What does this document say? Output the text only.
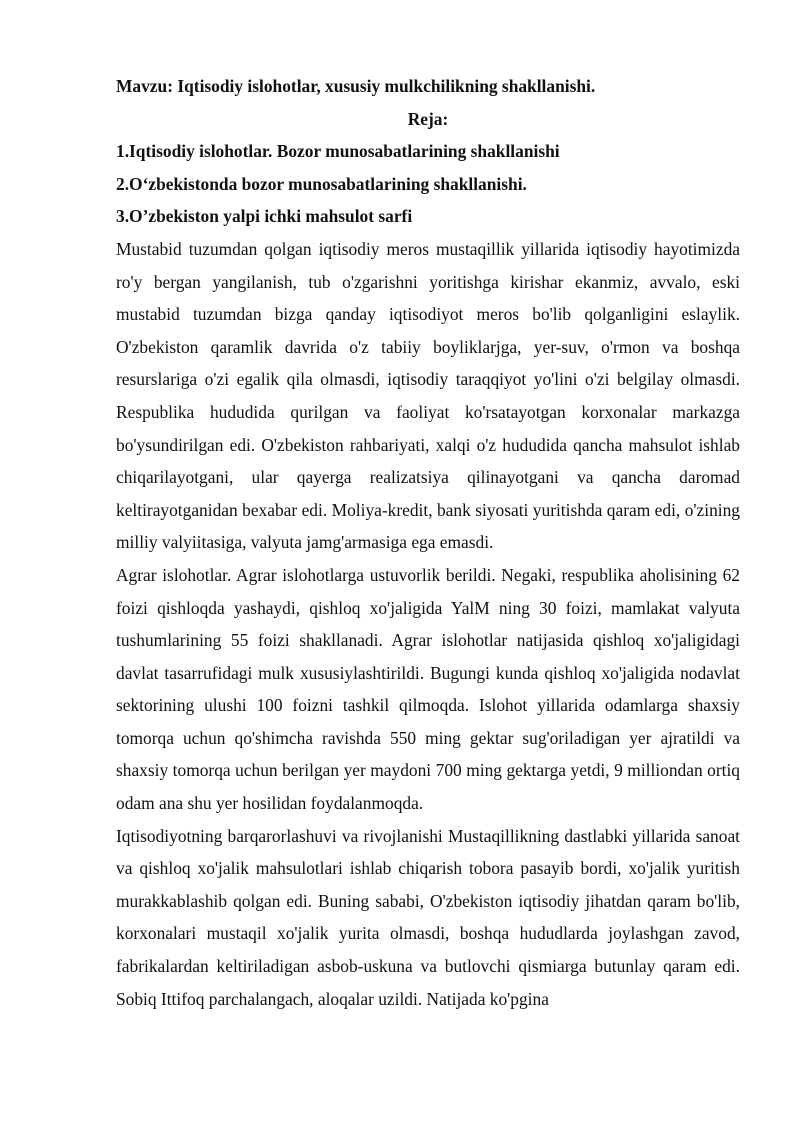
Mavzu: Iqtisodiy islohotlar, xususiy mulkchilikning shakllanishi.

Reja:

1.Iqtisodiy islohotlar. Bozor munosabatlarining shakllanishi

2.O‘zbekistonda bozor munosabatlarining shakllanishi.

3.O’zbekiston yalpi ichki mahsulot sarfi

Mustabid tuzumdan qolgan iqtisodiy meros mustaqillik yillarida iqtisodiy hayotimizda ro'y bergan yangilanish, tub o'zgarishni yoritishga kirishar ekanmiz, avvalo, eski mustabid tuzumdan bizga qanday iqtisodiyot meros bo'lib qolganligini eslaylik. O'zbekiston qaramlik davrida o'z tabiiy boyliklarjga, yer-suv, o'rmon va boshqa resurslariga o'zi egalik qila olmasdi, iqtisodiy taraqqiyot yo'lini o'zi belgilay olmasdi. Respublika hududida qurilgan va faoliyat ko'rsatayotgan korxonalar markazga bo'ysundirilgan edi. O'zbekiston rahbariyati, xalqi o'z hududida qancha mahsulot ishlab chiqarilayotgani, ular qayerga realizatsiya qilinayotgani va qancha daromad keltirayotganidan bexabar edi. Moliya-kredit, bank siyosati yuritishda qaram edi, o'zining milliy valyiitasiga, valyuta jamg'armasiga ega emasdi.

Agrar islohotlar. Agrar islohotlarga ustuvorlik berildi. Negaki, respublika aholisining 62 foizi qishloqda yashaydi, qishloq xo'jaligida YalM ning 30 foizi, mamlakat valyuta tushumlarining 55 foizi shakllanadi. Agrar islohotlar natijasida qishloq xo'jaligidagi davlat tasarrufidagi mulk xususiylashtirildi. Bugungi kunda qishloq xo'jaligida nodavlat sektorining ulushi 100 foizni tashkil qilmoqda. Islohot yillarida odamlarga shaxsiy tomorqa uchun qo'shimcha ravishda 550 ming gektar sug'oriladigan yer ajratildi va shaxsiy tomorqa uchun berilgan yer maydoni 700 ming gektarga yetdi, 9 milliondan ortiq odam ana shu yer hosilidan foydalanmoqda.

Iqtisodiyotning barqarorlashuvi va rivojlanishi Mustaqillikning dastlabki yillarida sanoat va qishloq xo'jalik mahsulotlari ishlab chiqarish tobora pasayib bordi, xo'jalik yuritish murakkablashib qolgan edi. Buning sababi, O'zbekiston iqtisodiy jihatdan qaram bo'lib, korxonalari mustaqil xo'jalik yurita olmasdi, boshqa hududlarda joylashgan zavod, fabrikalardan keltiriladigan asbob-uskuna va butlovchi qismiarga butunlay qaram edi. Sobiq Ittifoq parchalangach, aloqalar uzildi. Natijada ko'pgina
